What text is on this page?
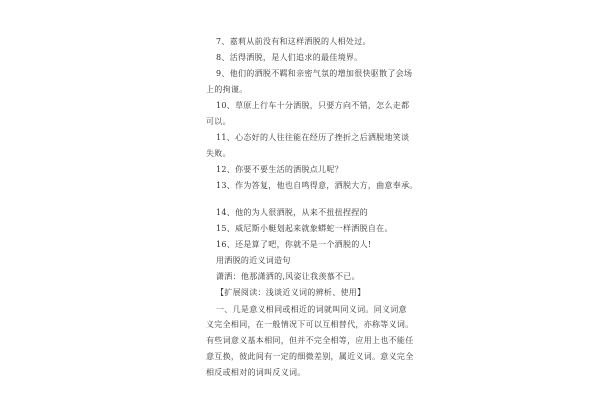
7、嘉莉从前没有和这样洒脱的人相处过。
8、活得洒脱，是人们追求的最佳境界。
9、他们的洒脱不羁和亲密气氛的增加很快驱散了会场
上的拘谨。
10、草原上行车十分洒脱，只要方向不错，怎么走都
可以。
11、心态好的人往往能在经历了挫折之后洒脱地笑谈
失败。
12、你要不要生活的洒脱点儿呢？
13、作为答复，他也自鸣得意，洒脱大方，曲意奉承。
14、他的为人很洒脱，从来不扭扭捏捏的
15、威尼斯小艇划起来就象蟒蛇一样洒脱自在。
16、还是算了吧，你就不是一个洒脱的人!
用洒脱的近义词造句
潇洒：他那潇洒的,风姿让我羡慕不已。
【扩展阅读：浅谈近义词的辨析、使用】
一、几是意义相同或相近的词就叫同义词。同义词意
义完全相同，在一般情况下可以互相替代，亦称等义词。
有些词意义基本相同，但并不完全相等，应用上也不能任
意互换，彼此间有一定的细微差别，属近义词。意义完全
相反或相对的词叫反义词。
